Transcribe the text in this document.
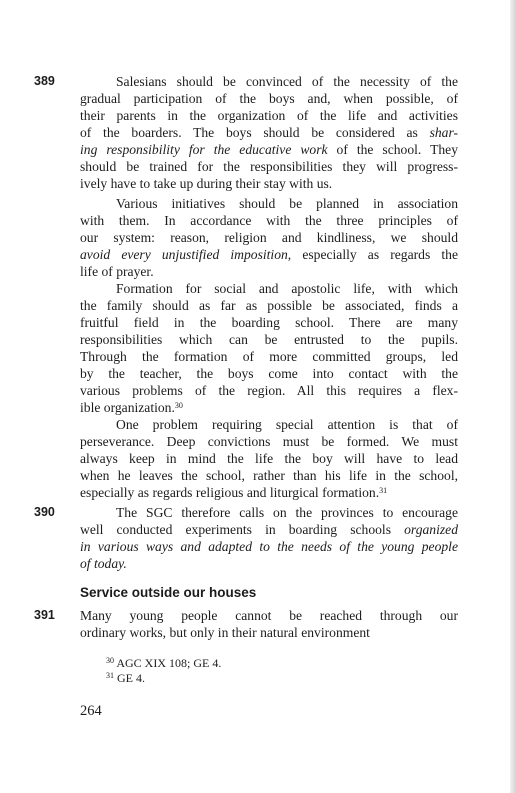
389
390
391
Salesians should be convinced of the necessity of the
gradual participation of the boys and, when possible, of
their parents in the organization of the life and activities
of the boarders. The boys should be considered as shar-
ing responsibility for the educative work of the school. They
should be trained for the responsibilities they will progress-
ively have to take up during their stay with us.
Various initiatives should be planned in association
with them. In accordance with the three principles of
our system: reason, religion and kindliness, we should
avoid every unjustified imposition, especially as regards the
life of prayer.
Formation for social and apostolic life, with which
the family should as far as possible be associated, finds a
fruitful field in the boarding school. There are many
responsibilities which can be entrusted to the pupils.
Through the formation of more committed groups, led
by the teacher, the boys come into contact with the
various problems of the region. All this requires a flex-
ible organization.$^{30}$
One problem requiring special attention is that of
perseverance. Deep convictions must be formed. We must
always keep in mind the life the boy will have to lead
when he leaves the school, rather than his life in the school,
especially as regards religious and liturgical formation.$^{31}$
The SGC therefore calls on the provinces to encourage
well conducted experiments in boarding schools organized
in various ways and adapted to the needs of the young people
of today.
Many young people cannot be reached through our
ordinary works, but only in their natural environment
Service outside our houses
$^{30}$ AGC XIX 108; GE 4.
$^{31}$ GE 4.
264
